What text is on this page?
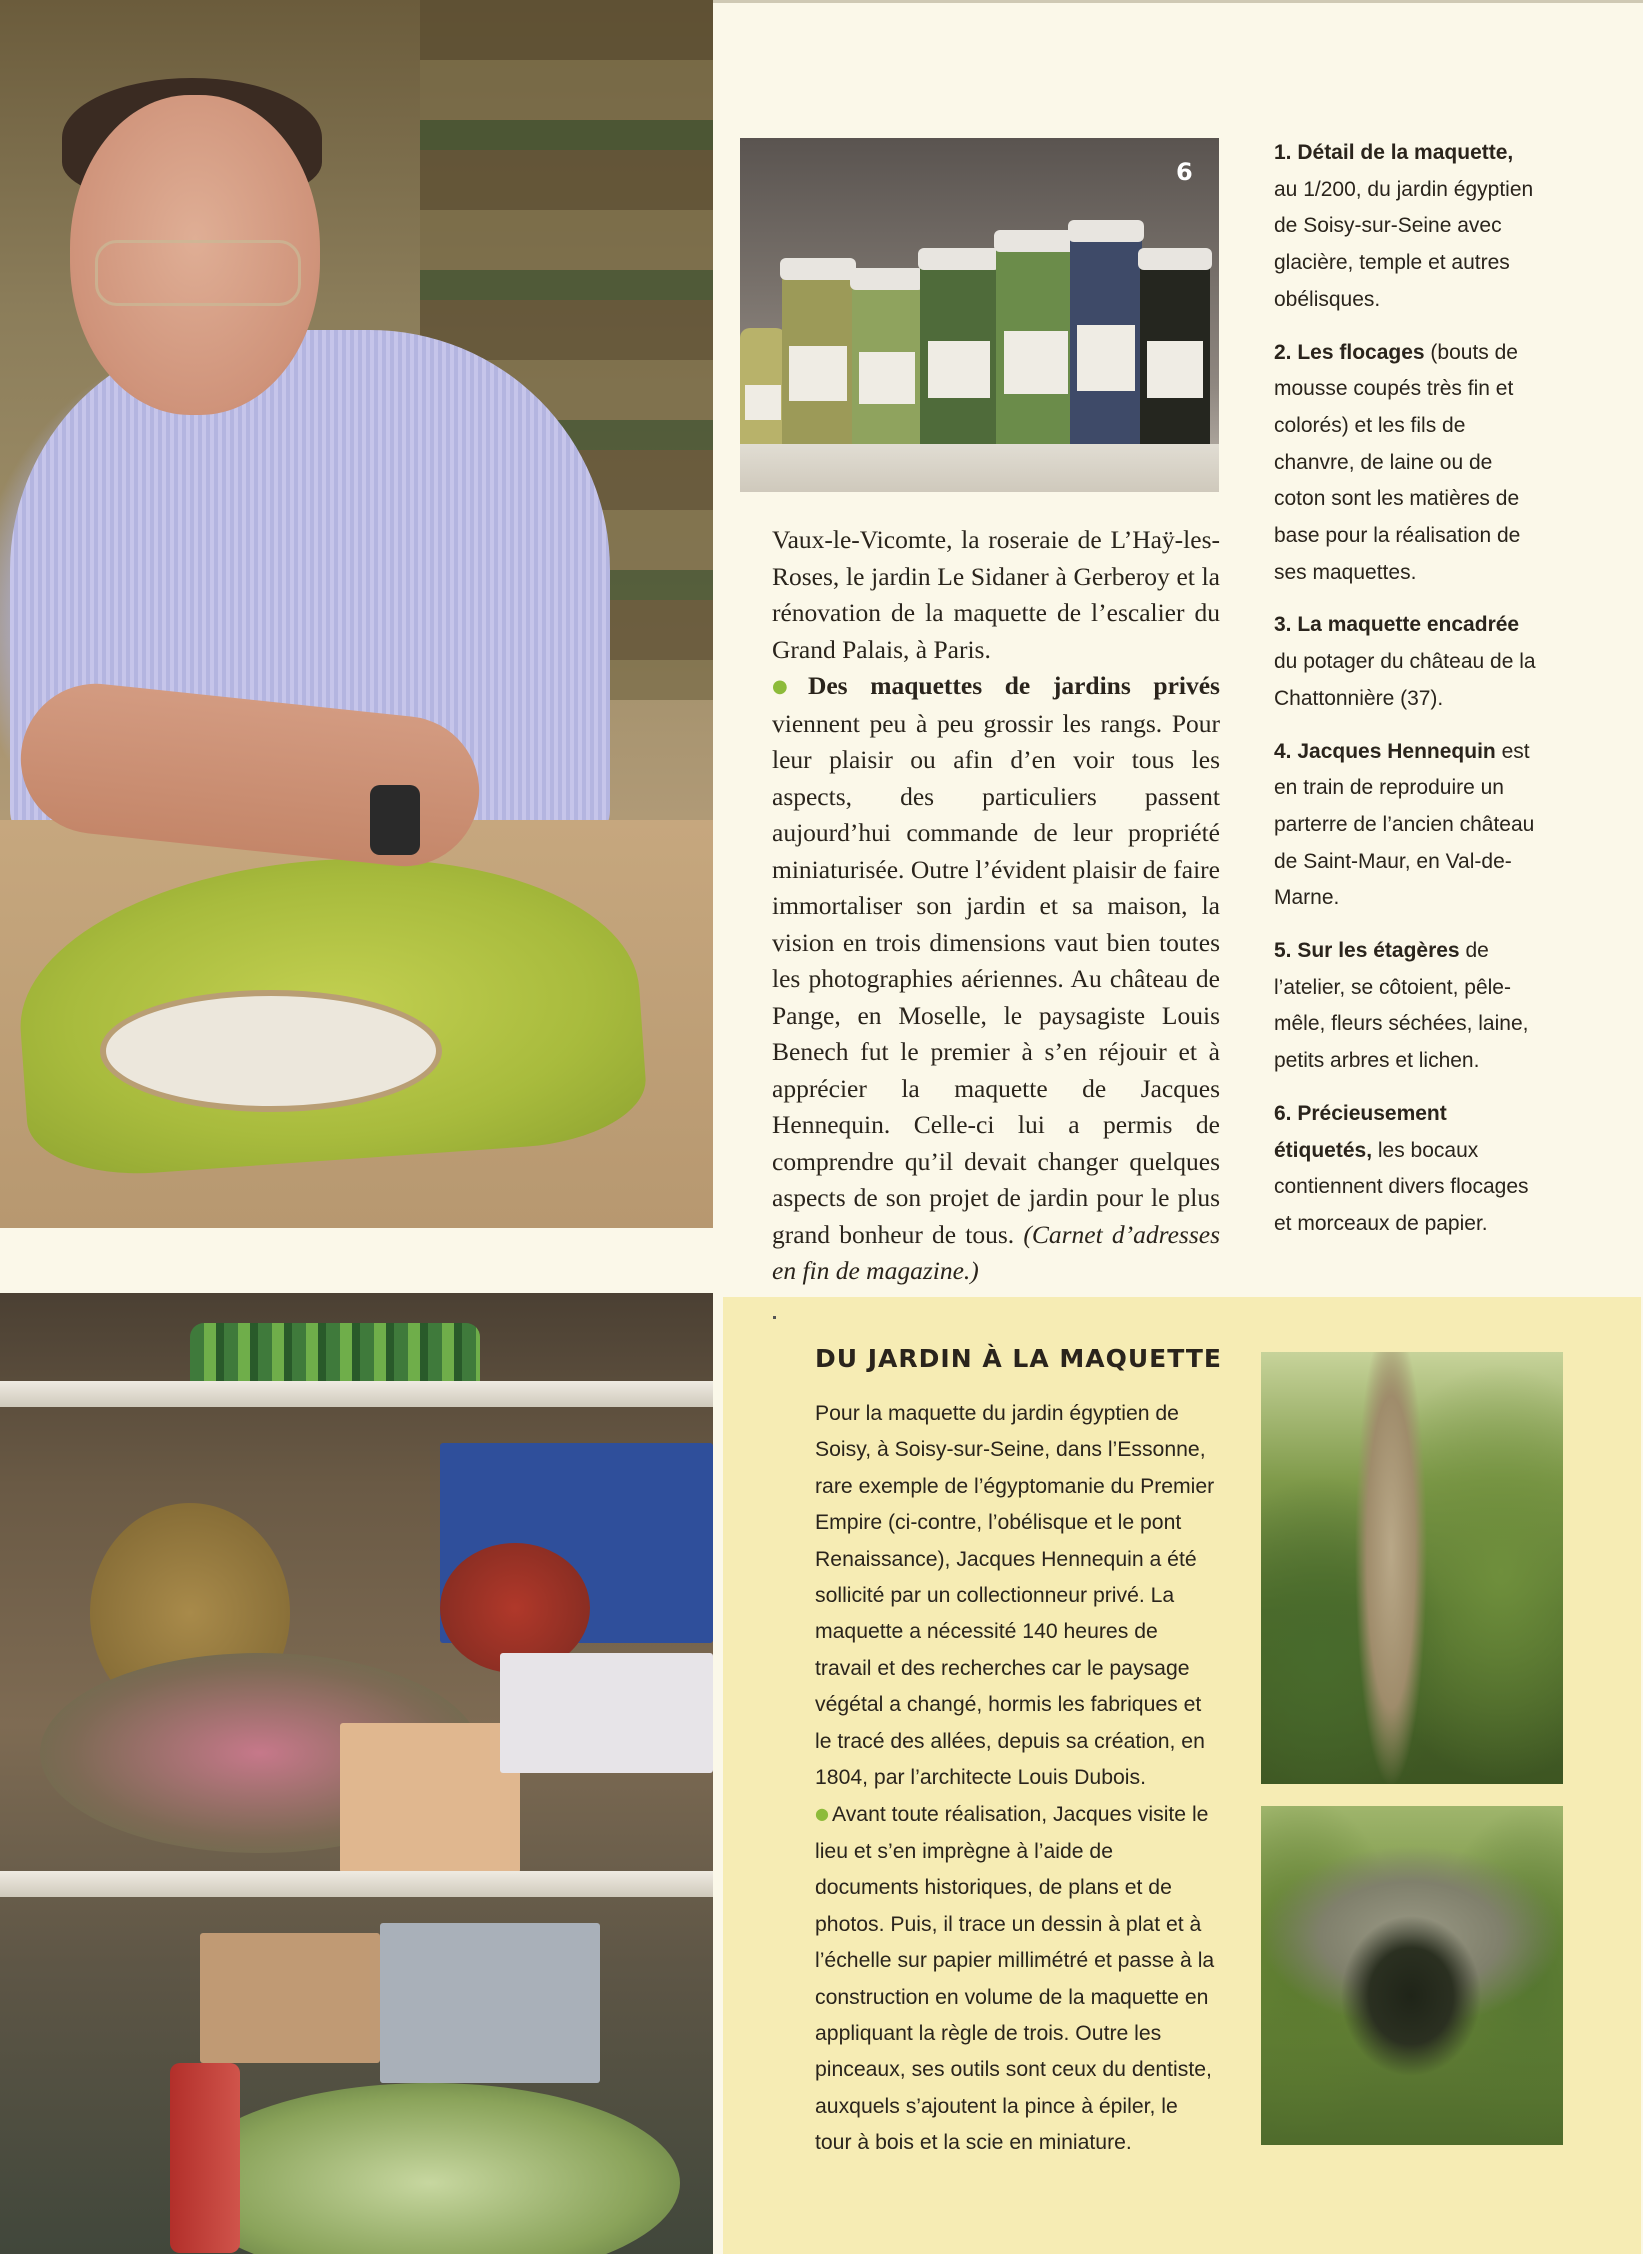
6

Vaux-le-Vicomte, la roseraie de L’Haÿ-les-Roses, le jardin Le Sidaner à Gerberoy et la rénovation de la maquette de l’escalier du Grand Palais, à Paris.

● Des maquettes de jardins privés viennent peu à peu grossir les rangs. Pour leur plaisir ou afin d’en voir tous les aspects, des particuliers passent aujourd’hui commande de leur propriété miniaturisée. Outre l’évident plaisir de faire immortaliser son jardin et sa maison, la vision en trois dimensions vaut bien toutes les photographies aériennes. Au château de Pange, en Moselle, le paysagiste Louis Benech fut le premier à s’en réjouir et à apprécier la maquette de Jacques Hennequin. Celle-ci lui a permis de comprendre qu’il devait changer quelques aspects de son projet de jardin pour le plus grand bonheur de tous. (Carnet d’adresses en fin de magazine.)

1. Détail de la maquette, au 1/200, du jardin égyptien de Soisy-sur-Seine avec glacière, temple et autres obélisques.

2. Les flocages (bouts de mousse coupés très fin et colorés) et les fils de chanvre, de laine ou de coton sont les matières de base pour la réalisation de ses maquettes.

3. La maquette encadrée du potager du château de la Chattonnière (37).

4. Jacques Hennequin est en train de reproduire un parterre de l’ancien château de Saint-Maur, en Val-de-Marne.

5. Sur les étagères de l’atelier, se côtoient, pêle-mêle, fleurs séchées, laine, petits arbres et lichen.

6. Précieusement étiquetés, les bocaux contiennent divers flocages et morceaux de papier.

DU JARDIN À LA MAQUETTE

Pour la maquette du jardin égyptien de Soisy, à Soisy-sur-Seine, dans l’Essonne, rare exemple de l’égyptomanie du Premier Empire (ci-contre, l’obélisque et le pont Renaissance), Jacques Hennequin a été sollicité par un collectionneur privé. La maquette a nécessité 140 heures de travail et des recherches car le paysage végétal a changé, hormis les fabriques et le tracé des allées, depuis sa création, en 1804, par l’architecte Louis Dubois.

● Avant toute réalisation, Jacques visite le lieu et s’en imprègne à l’aide de documents historiques, de plans et de photos. Puis, il trace un dessin à plat et à l’échelle sur papier millimétré et passe à la construction en volume de la maquette en appliquant la règle de trois. Outre les pinceaux, ses outils sont ceux du dentiste, auxquels s’ajoutent la pince à épiler, le tour à bois et la scie en miniature.
